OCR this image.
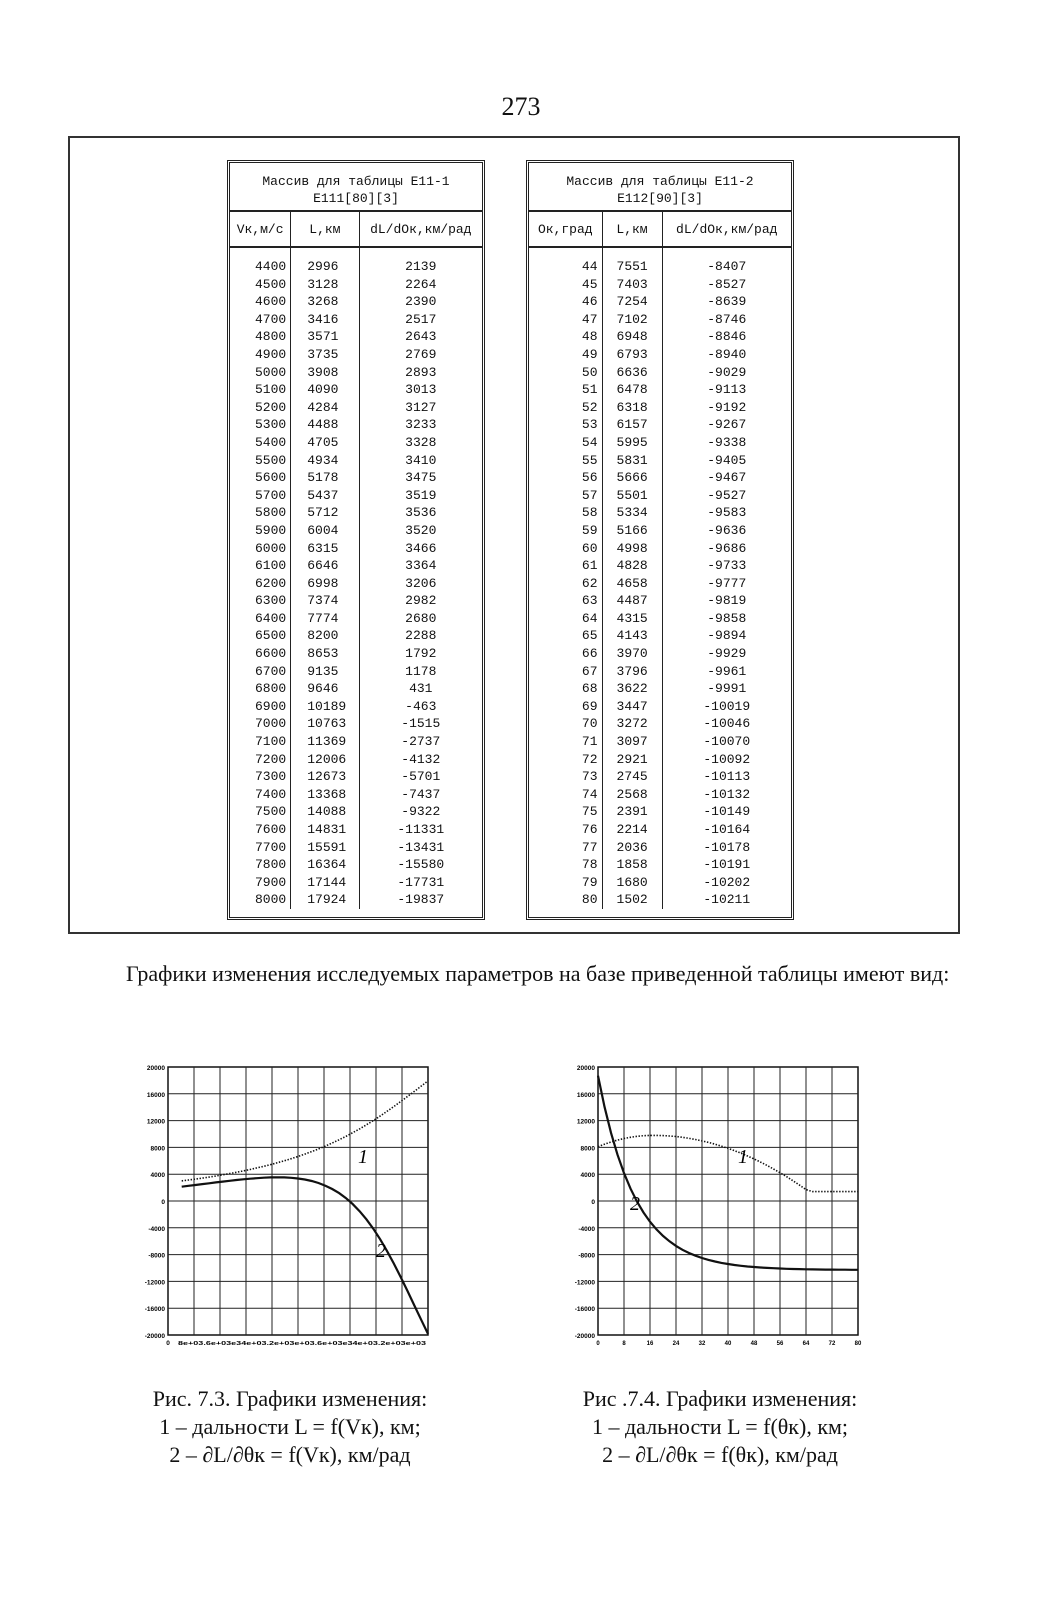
273
Массив для таблицы Е11-1
Е111[80][3]
Vк,м/с	L,км	dL/dОк,км/рад
4400	2996	2139
4500	3128	2264
4600	3268	2390
4700	3416	2517
4800	3571	2643
4900	3735	2769
5000	3908	2893
5100	4090	3013
5200	4284	3127
5300	4488	3233
5400	4705	3328
5500	4934	3410
5600	5178	3475
5700	5437	3519
5800	5712	3536
5900	6004	3520
6000	6315	3466
6100	6646	3364
6200	6998	3206
6300	7374	2982
6400	7774	2680
6500	8200	2288
6600	8653	1792
6700	9135	1178
6800	9646	431
6900	10189	-463
7000	10763	-1515
7100	11369	-2737
7200	12006	-4132
7300	12673	-5701
7400	13368	-7437
7500	14088	-9322
7600	14831	-11331
7700	15591	-13431
7800	16364	-15580
7900	17144	-17731
8000	17924	-19837
Массив для таблицы Е11-2
Е112[90][3]
Ок,град	L,км	dL/dОк,км/рад
44	7551	-8407
45	7403	-8527
46	7254	-8639
47	7102	-8746
48	6948	-8846
49	6793	-8940
50	6636	-9029
51	6478	-9113
52	6318	-9192
53	6157	-9267
54	5995	-9338
55	5831	-9405
56	5666	-9467
57	5501	-9527
58	5334	-9583
59	5166	-9636
60	4998	-9686
61	4828	-9733
62	4658	-9777
63	4487	-9819
64	4315	-9858
65	4143	-9894
66	3970	-9929
67	3796	-9961
68	3622	-9991
69	3447	-10019
70	3272	-10046
71	3097	-10070
72	2921	-10092
73	2745	-10113
74	2568	-10132
75	2391	-10149
76	2214	-10164
77	2036	-10178
78	1858	-10191
79	1680	-10202
80	1502	-10211
Графики изменения исследуемых параметров на базе приведенной таблицы имеют вид:
20000
16000
12000
8000
4000
0
-4000
-8000
-12000
-16000
-20000
0 8e+03.6e+03e34e+03.2e+03e+03.6e+03e34e+03.2e+03e+03
1
2
20000
16000
12000
8000
4000
0
-4000
-8000
-12000
-16000
-20000
0	8	16	24	32	40	48	56	64	72	80
1
2
Рис. 7.3. Графики изменения:
1 – дальности L = f(Vк), км;
2 – ∂L/∂θк = f(Vк), км/рад
Рис .7.4. Графики изменения:
1 – дальности L = f(θк), км;
2 – ∂L/∂θк = f(θк), км/рад
